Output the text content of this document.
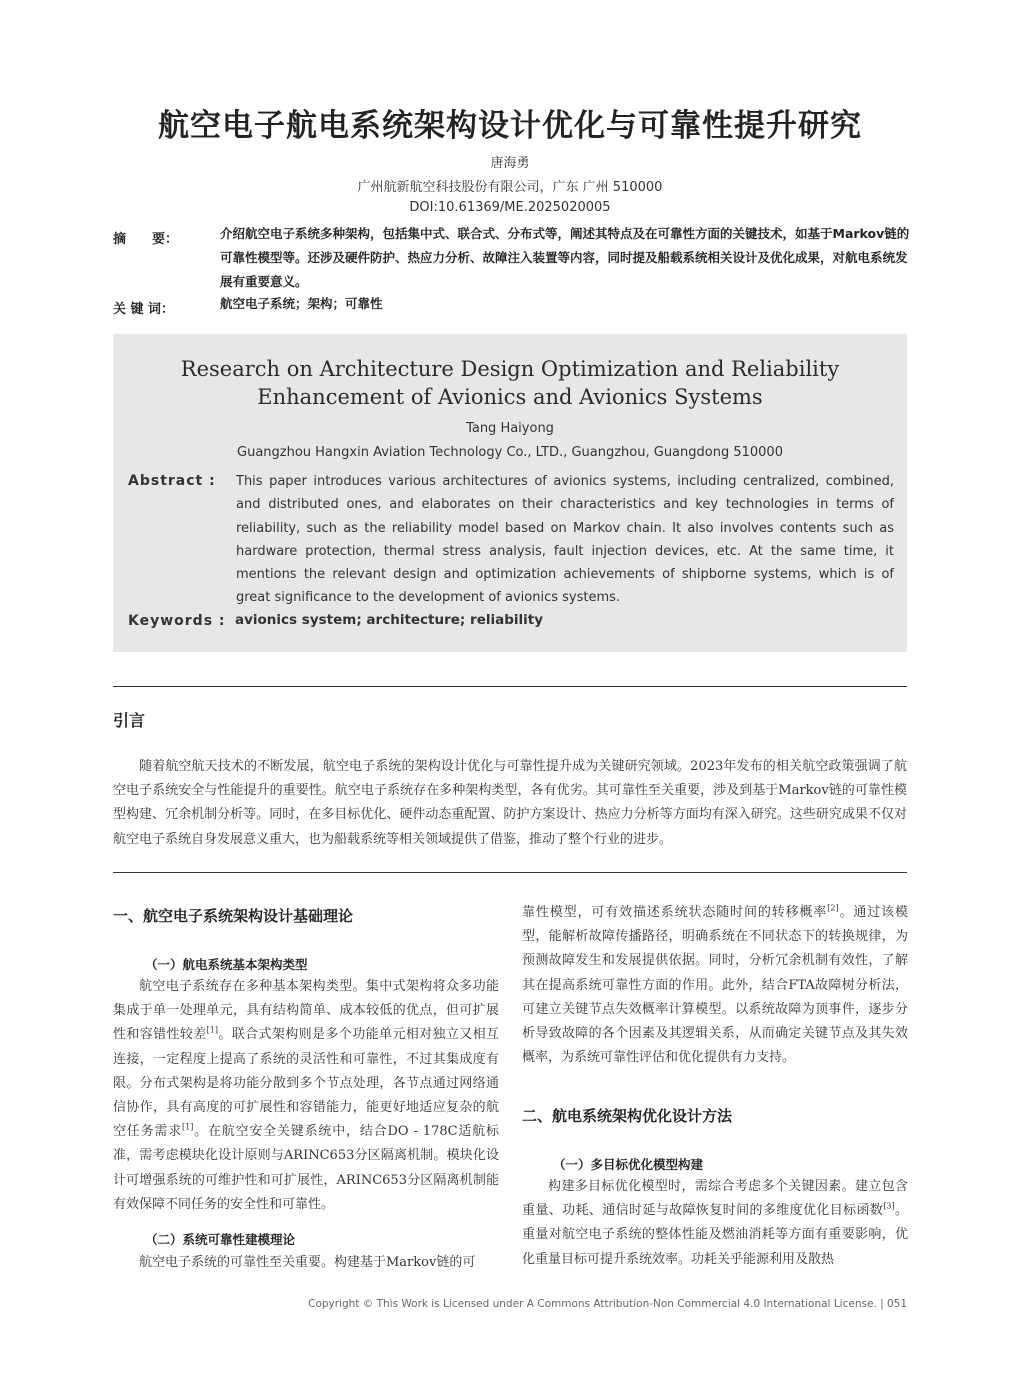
航空电子航电系统架构设计优化与可靠性提升研究
唐海勇
广州航新航空科技股份有限公司，广东 广州 510000
DOI:10.61369/ME.2025020005
摘　　要：	介绍航空电子系统多种架构，包括集中式、联合式、分布式等，阐述其特点及在可靠性方面的关键技术，如基于Markov链的可靠性模型等。还涉及硬件防护、热应力分析、故障注入装置等内容，同时提及船载系统相关设计及优化成果，对航电系统发展有重要意义。
关 键 词：	航空电子系统；架构；可靠性
Research on Architecture Design Optimization and Reliability Enhancement of Avionics and Avionics Systems
Tang Haiyong
Guangzhou Hangxin Aviation Technology Co., LTD., Guangzhou, Guangdong 510000
Abstract : This paper introduces various architectures of avionics systems, including centralized, combined, and distributed ones, and elaborates on their characteristics and key technologies in terms of reliability, such as the reliability model based on Markov chain. It also involves contents such as hardware protection, thermal stress analysis, fault injection devices, etc. At the same time, it mentions the relevant design and optimization achievements of shipborne systems, which is of great significance to the development of avionics systems.
Keywords : avionics system; architecture; reliability
引言
随着航空航天技术的不断发展，航空电子系统的架构设计优化与可靠性提升成为关键研究领域。2023年发布的相关航空政策强调了航空电子系统安全与性能提升的重要性。航空电子系统存在多种架构类型，各有优劣。其可靠性至关重要，涉及到基于Markov链的可靠性模型构建、冗余机制分析等。同时，在多目标优化、硬件动态重配置、防护方案设计、热应力分析等方面均有深入研究。这些研究成果不仅对航空电子系统自身发展意义重大，也为船载系统等相关领域提供了借鉴，推动了整个行业的进步。
一、航空电子系统架构设计基础理论
（一）航电系统基本架构类型
航空电子系统存在多种基本架构类型。集中式架构将众多功能集成于单一处理单元，具有结构简单、成本较低的优点，但可扩展性和容错性较差[1]。联合式架构则是多个功能单元相对独立又相互连接，一定程度上提高了系统的灵活性和可靠性，不过其集成度有限。分布式架构是将功能分散到多个节点处理，各节点通过网络通信协作，具有高度的可扩展性和容错能力，能更好地适应复杂的航空任务需求[1]。在航空安全关键系统中，结合DO - 178C适航标准，需考虑模块化设计原则与ARINC653分区隔离机制。模块化设计可增强系统的可维护性和可扩展性，ARINC653分区隔离机制能有效保障不同任务的安全性和可靠性。
（二）系统可靠性建模理论
航空电子系统的可靠性至关重要。构建基于Markov链的可
靠性模型，可有效描述系统状态随时间的转移概率[2]。通过该模型，能解析故障传播路径，明确系统在不同状态下的转换规律，为预测故障发生和发展提供依据。同时，分析冗余机制有效性，了解其在提高系统可靠性方面的作用。此外，结合FTA故障树分析法，可建立关键节点失效概率计算模型。以系统故障为顶事件，逐步分析导致故障的各个因素及其逻辑关系，从而确定关键节点及其失效概率，为系统可靠性评估和优化提供有力支持。
二、航电系统架构优化设计方法
（一）多目标优化模型构建
构建多目标优化模型时，需综合考虑多个关键因素。建立包含重量、功耗、通信时延与故障恢复时间的多维度优化目标函数[3]。重量对航空电子系统的整体性能及燃油消耗等方面有重要影响，优化重量目标可提升系统效率。功耗关乎能源利用及散热
Copyright © This Work is Licensed under A Commons Attribution-Non Commercial 4.0 International License. | 051
